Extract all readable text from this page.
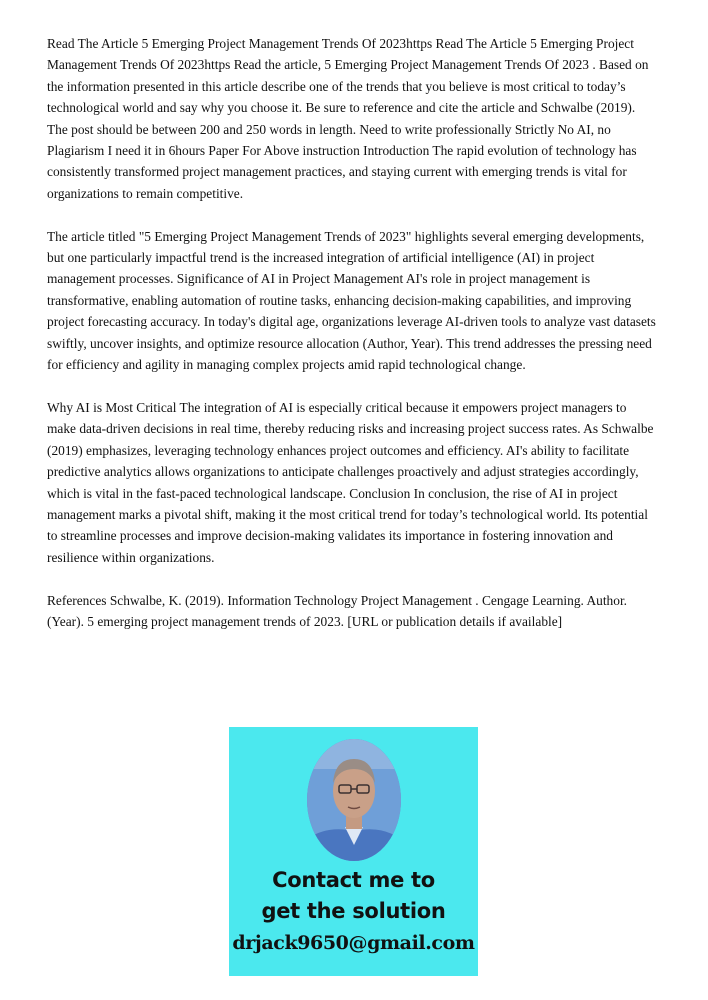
Read The Article 5 Emerging Project Management Trends Of 2023https Read The Article 5 Emerging Project Management Trends Of 2023https Read the article, 5 Emerging Project Management Trends Of 2023 . Based on the information presented in this article describe one of the trends that you believe is most critical to today’s technological world and say why you choose it. Be sure to reference and cite the article and Schwalbe (2019). The post should be between 200 and 250 words in length. Need to write professionally Strictly No AI, no Plagiarism I need it in 6hours Paper For Above instruction Introduction The rapid evolution of technology has consistently transformed project management practices, and staying current with emerging trends is vital for organizations to remain competitive.

The article titled "5 Emerging Project Management Trends of 2023" highlights several emerging developments, but one particularly impactful trend is the increased integration of artificial intelligence (AI) in project management processes. Significance of AI in Project Management AI's role in project management is transformative, enabling automation of routine tasks, enhancing decision-making capabilities, and improving project forecasting accuracy. In today's digital age, organizations leverage AI-driven tools to analyze vast datasets swiftly, uncover insights, and optimize resource allocation (Author, Year). This trend addresses the pressing need for efficiency and agility in managing complex projects amid rapid technological change.

Why AI is Most Critical The integration of AI is especially critical because it empowers project managers to make data-driven decisions in real time, thereby reducing risks and increasing project success rates. As Schwalbe (2019) emphasizes, leveraging technology enhances project outcomes and efficiency. AI's ability to facilitate predictive analytics allows organizations to anticipate challenges proactively and adjust strategies accordingly, which is vital in the fast-paced technological landscape. Conclusion In conclusion, the rise of AI in project management marks a pivotal shift, making it the most critical trend for today’s technological world. Its potential to streamline processes and improve decision-making validates its importance in fostering innovation and resilience within organizations.

References Schwalbe, K. (2019). Information Technology Project Management . Cengage Learning. Author. (Year). 5 emerging project management trends of 2023. [URL or publication details if available]

Contact me to
get the solution
drjack9650@gmail.com
